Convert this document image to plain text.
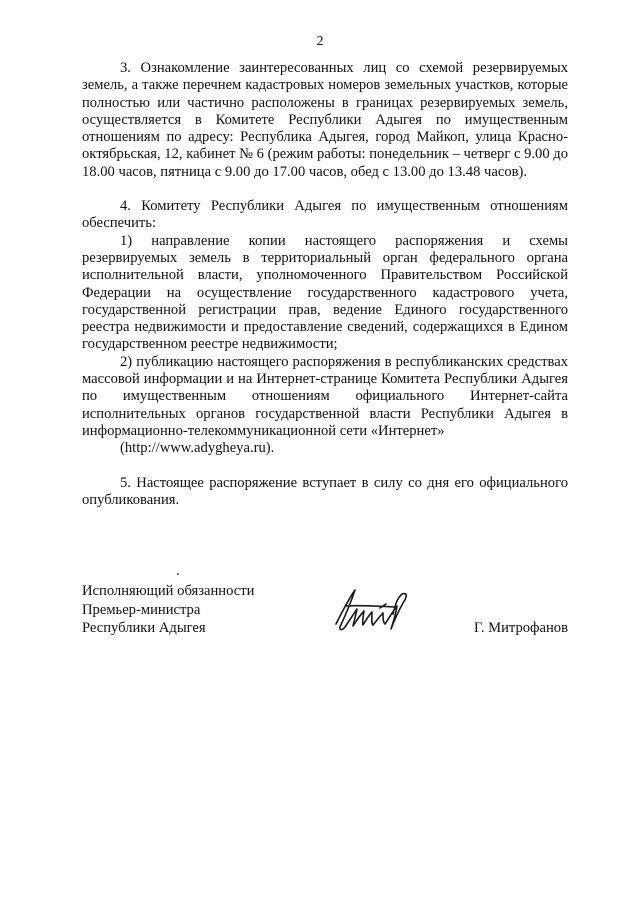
2

3. Ознакомление заинтересованных лиц со схемой резервируемых земель, а также перечнем кадастровых номеров земельных участков, которые полностью или частично расположены в границах резервируемых земель, осуществляется в Комитете Республики Адыгея по имущественным отношениям по адресу: Республика Адыгея, город Майкоп, улица Красно-октябрьская, 12, кабинет № 6 (режим работы: понедельник – четверг с 9.00 до 18.00 часов, пятница с 9.00 до 17.00 часов, обед с 13.00 до 13.48 часов).

4. Комитету Республики Адыгея по имущественным отношениям обеспечить:

1) направление копии настоящего распоряжения и схемы резервируемых земель в территориальный орган федерального органа исполнительной власти, уполномоченного Правительством Российской Федерации на осуществление государственного кадастрового учета, государственной регистрации прав, ведение Единого государственного реестра недвижимости и предоставление сведений, содержащихся в Едином государственном реестре недвижимости;

2) публикацию настоящего распоряжения в республиканских средствах массовой информации и на Интернет-странице Комитета Республики Адыгея по имущественным отношениям официального Интернет-сайта исполнительных органов государственной власти Республики Адыгея в информационно-телекоммуникационной сети «Интернет»

(http://www.adygheya.ru).

5. Настоящее распоряжение вступает в силу со дня его официального опубликования.

Исполняющий обязанности
Премьер-министра
Республики Адыгея	Г. Митрофанов
